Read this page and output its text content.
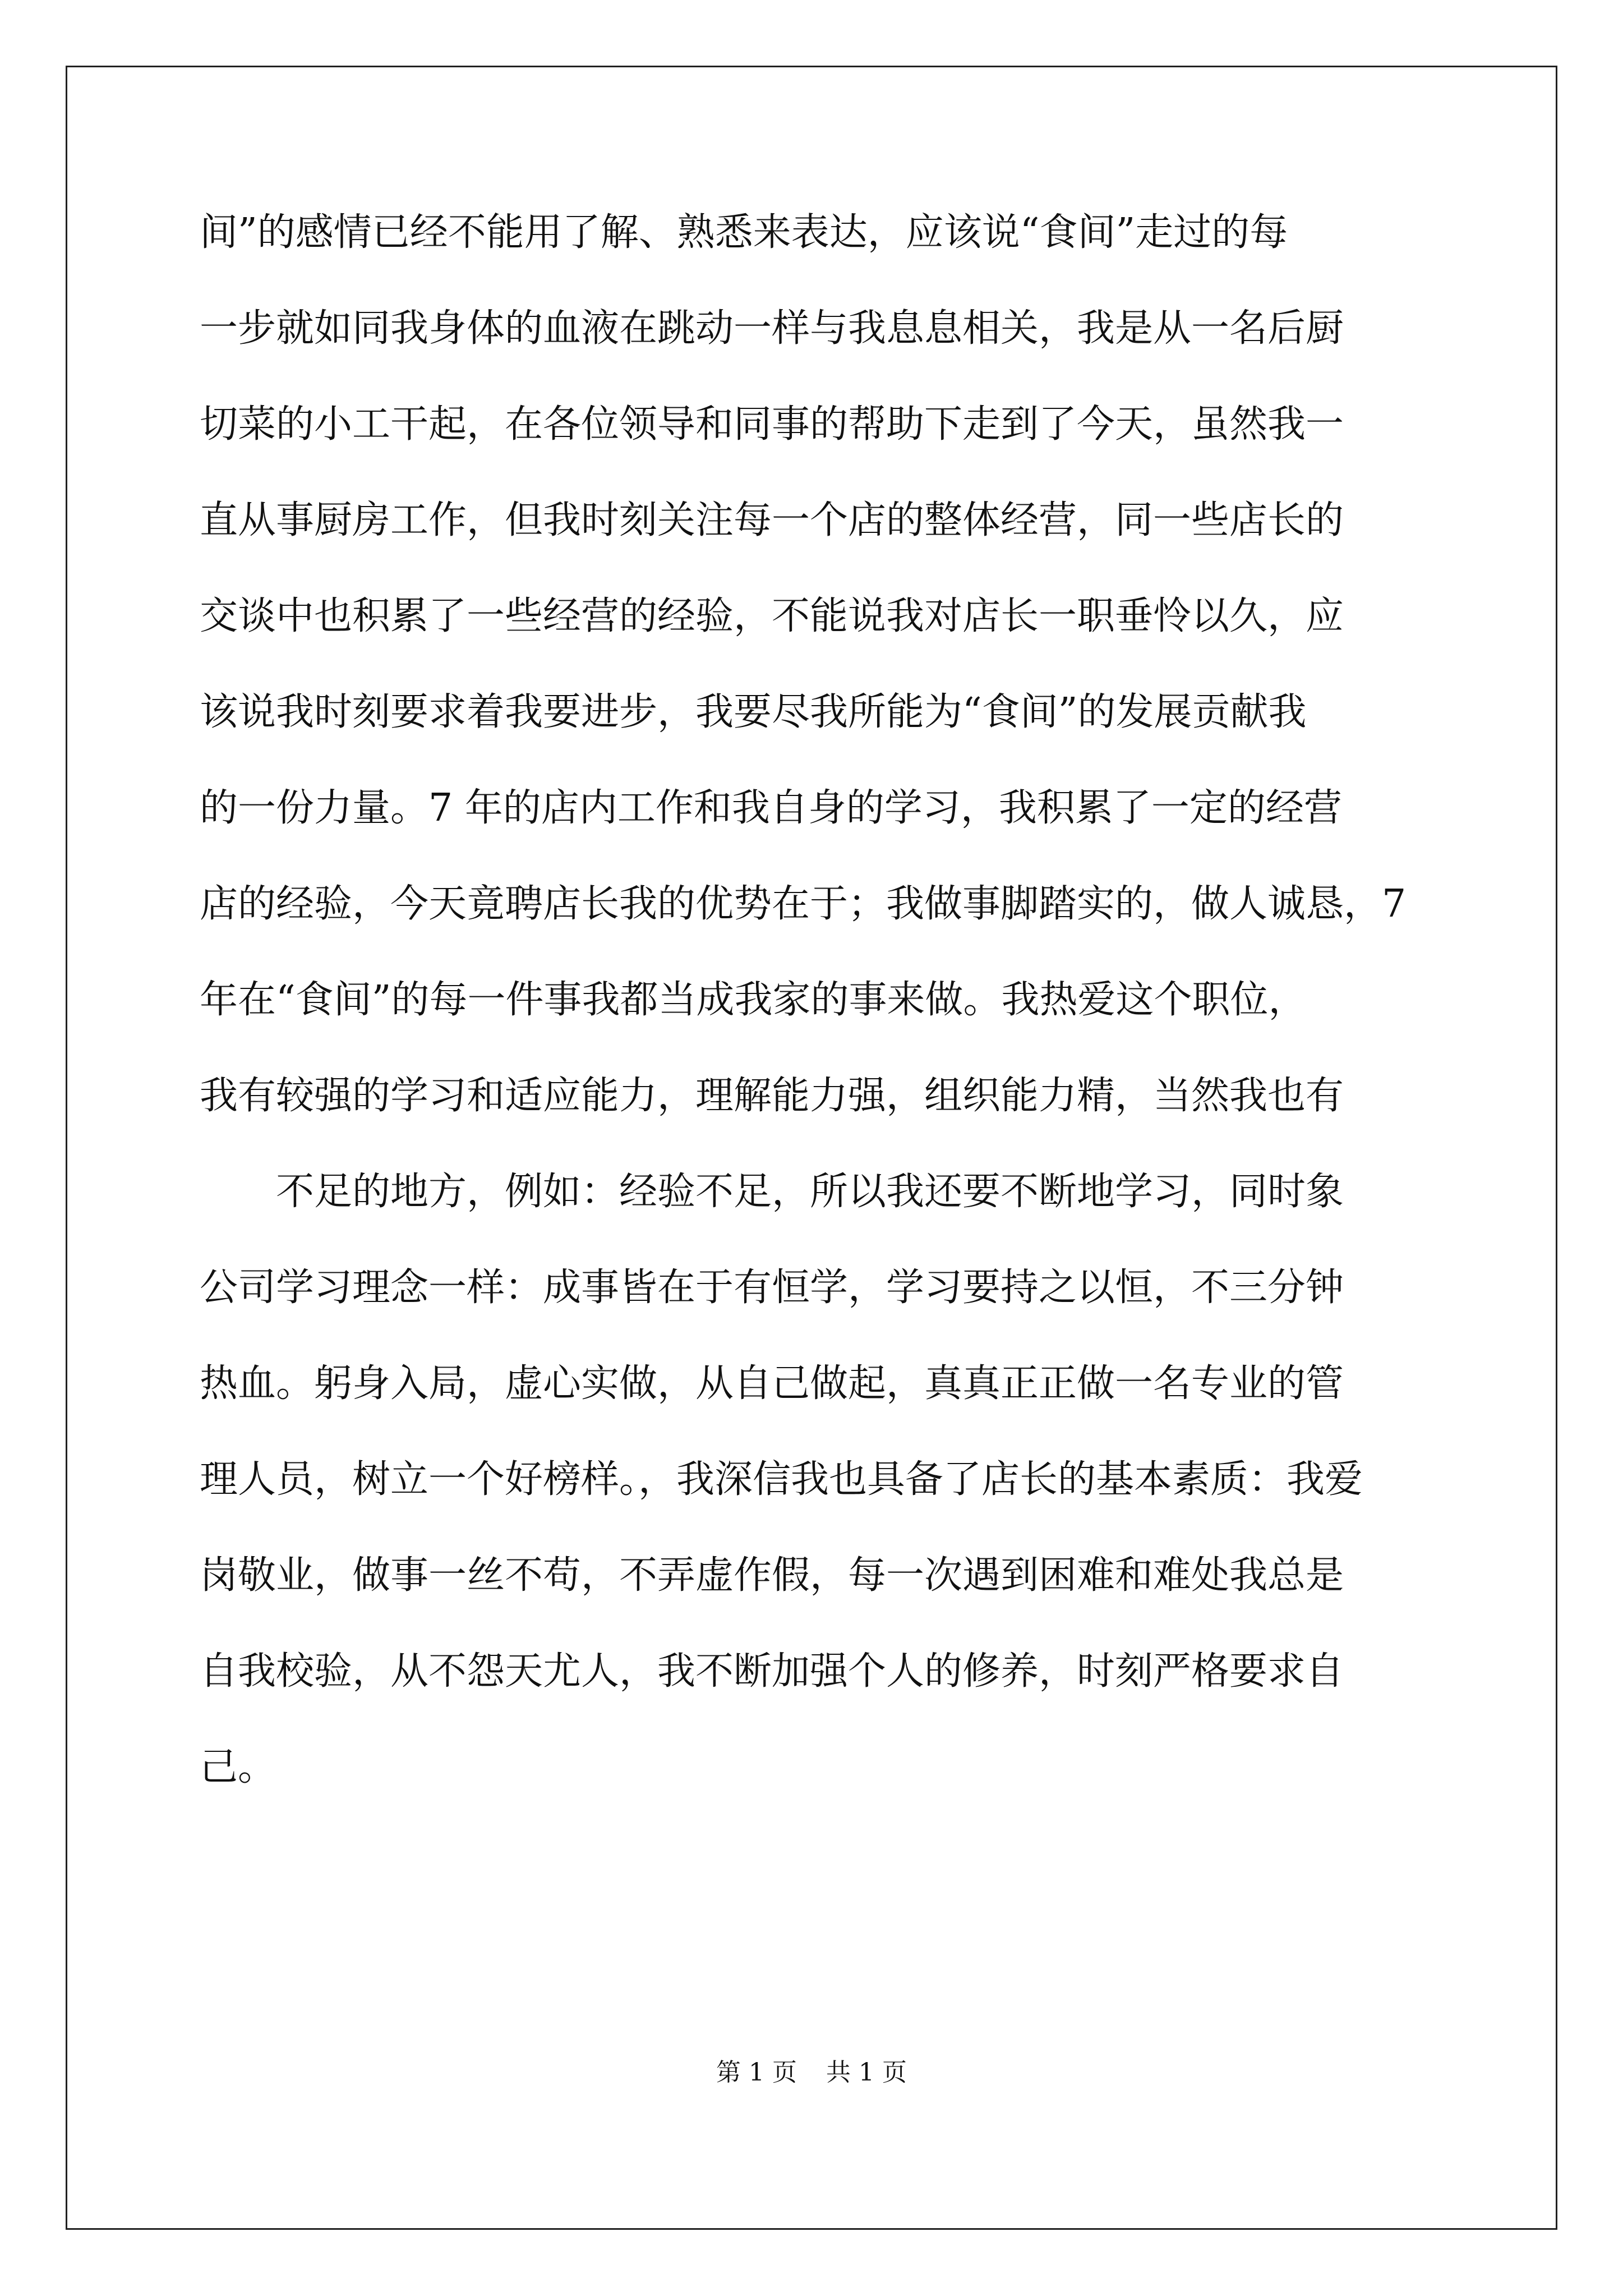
间”的感情已经不能用了解、熟悉来表达，应该说“食间”走过的每
一步就如同我身体的血液在跳动一样与我息息相关，我是从一名后厨
切菜的小工干起，在各位领导和同事的帮助下走到了今天，虽然我一
直从事厨房工作，但我时刻关注每一个店的整体经营，同一些店长的
交谈中也积累了一些经营的经验，不能说我对店长一职垂怜以久，应
该说我时刻要求着我要进步，我要尽我所能为“食间”的发展贡献我
的一份力量。7 年的店内工作和我自身的学习，我积累了一定的经营
店的经验，今天竟聘店长我的优势在于；我做事脚踏实的，做人诚恳，7
年在“食间”的每一件事我都当成我家的事来做。我热爱这个职位，
我有较强的学习和适应能力，理解能力强，组织能力精，当然我也有
　　不足的地方，例如：经验不足，所以我还要不断地学习，同时象
公司学习理念一样：成事皆在于有恒学，学习要持之以恒，不三分钟
热血。躬身入局，虚心实做，从自己做起，真真正正做一名专业的管
理人员，树立一个好榜样。，我深信我也具备了店长的基本素质：我爱
岗敬业，做事一丝不苟，不弄虚作假，每一次遇到困难和难处我总是
自我校验，从不怨天尤人，我不断加强个人的修养，时刻严格要求自
己。
第 1 页 共 1 页
